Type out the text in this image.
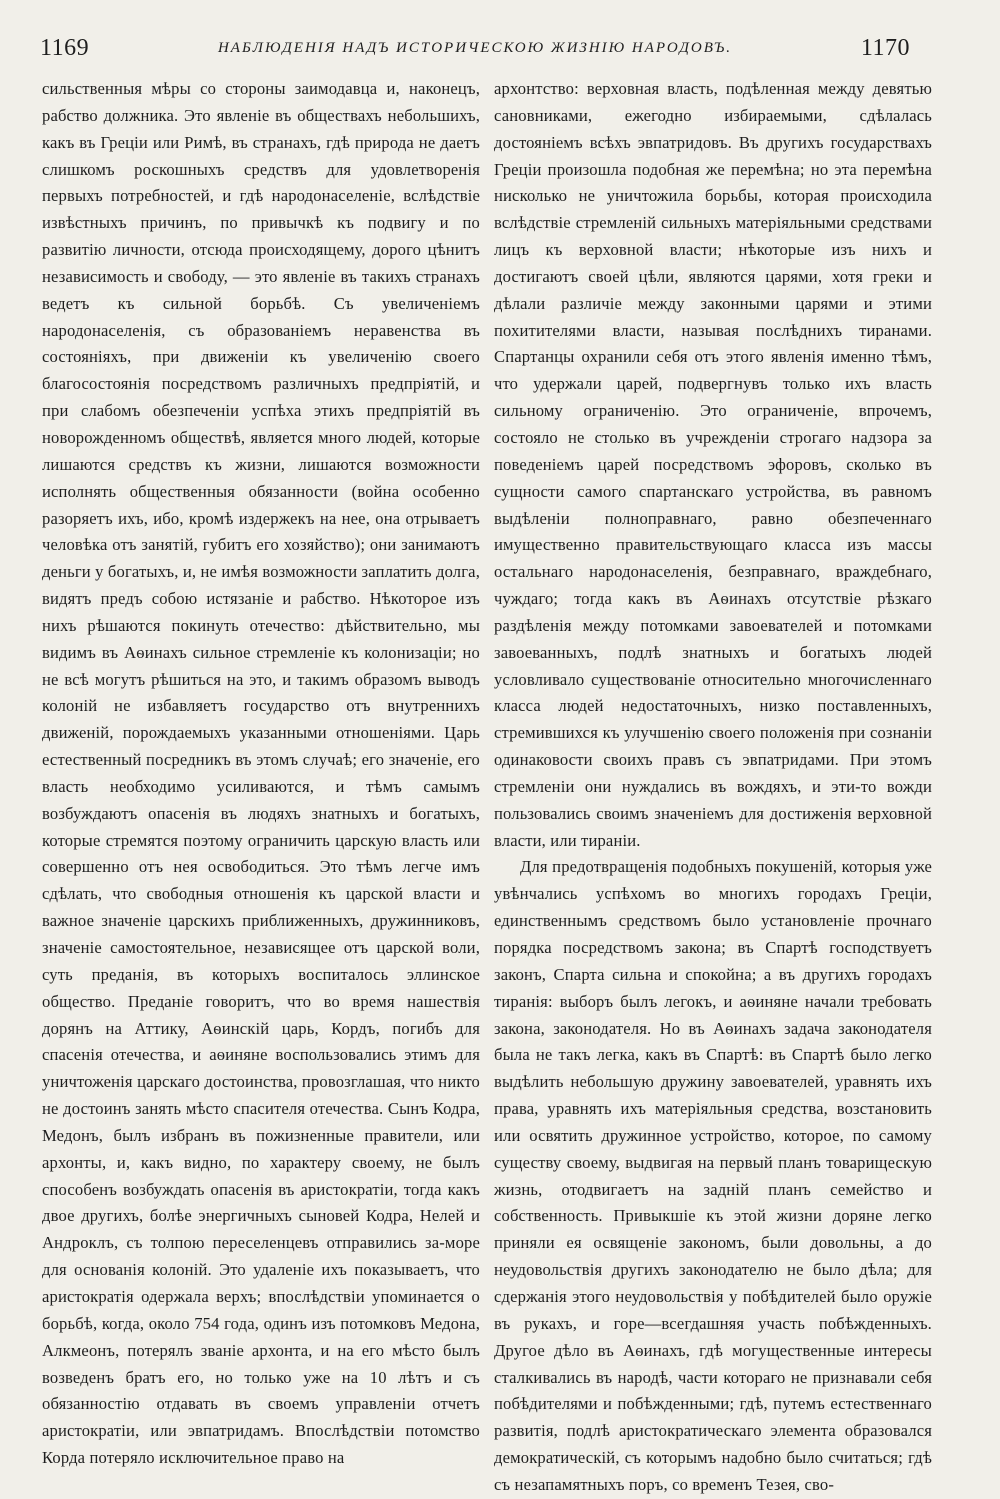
1169	НАБЛЮДЕНІЯ НАДЪ ИСТОРИЧЕСКОЮ ЖИЗНІЮ НАРОДОВЪ.	1170

сильственныя мѣры со стороны заимодавца и, наконецъ, рабство должника. Это явленіе въ обществахъ небольшихъ, какъ въ Греціи или Римѣ, въ странахъ, гдѣ природа не даетъ слишкомъ роскошныхъ средствъ для удовлетворенія первыхъ потребностей, и гдѣ народонаселеніе, вслѣдствіе извѣстныхъ причинъ, по привычкѣ къ подвигу и по развитію личности, отсюда происходящему, дорого цѣнитъ независимость и свободу, — это явленіе въ такихъ странахъ ведетъ къ сильной борьбѣ. Съ увеличеніемъ народонаселенія, съ образованіемъ неравенства въ состояніяхъ, при движеніи къ увеличенію своего благосостоянія посредствомъ различныхъ предпріятій, и при слабомъ обезпеченіи успѣха этихъ предпріятій въ новорожденномъ обществѣ, является много людей, которые лишаются средствъ къ жизни, лишаются возможности исполнять общественныя обязанности (война особенно разоряетъ ихъ, ибо, кромѣ издержекъ на нее, она отрываетъ человѣка отъ занятій, губитъ его хозяйство); они занимаютъ деньги у богатыхъ, и, не имѣя возможности заплатить долга, видятъ предъ собою истязаніе и рабство. Нѣкоторое изъ нихъ рѣшаются покинуть отечество: дѣйствительно, мы видимъ въ Аѳинахъ сильное стремленіе къ колонизаціи; но не всѣ могутъ рѣшиться на это, и такимъ образомъ выводъ колоній не избавляетъ государство отъ внутреннихъ движеній, порождаемыхъ указанными отношеніями. Царь естественный посредникъ въ этомъ случаѣ; его значеніе, его власть необходимо усиливаются, и тѣмъ самымъ возбуждаютъ опасенія въ людяхъ знатныхъ и богатыхъ, которые стремятся поэтому ограничить царскую власть или совершенно отъ нея освободиться. Это тѣмъ легче имъ сдѣлать, что свободныя отношенія къ царской власти и важное значеніе царскихъ приближенныхъ, дружинниковъ, значеніе самостоятельное, независящее отъ царской воли, суть преданія, въ которыхъ воспиталось эллинское общество. Преданіе говоритъ, что во время нашествія дорянъ на Аттику, Аѳинскій царь, Кордъ, погибъ для спасенія отечества, и аѳиняне воспользовались этимъ для уничтоженія царскаго достоинства, провозглашая, что никто не достоинъ занять мѣсто спасителя отечества. Сынъ Кодра, Медонъ, былъ избранъ въ пожизненные правители, или архонты, и, какъ видно, по характеру своему, не былъ способенъ возбуждать опасенія въ аристократіи, тогда какъ двое другихъ, болѣе энергичныхъ сыновей Кодра, Нелей и Андроклъ, съ толпою переселенцевъ отправились за-море для основанія колоній. Это удаленіе ихъ показываетъ, что аристократія одержала верхъ; впослѣдствіи упоминается о борьбѣ, когда, около 754 года, одинъ изъ потомковъ Медона, Алкмеонъ, потерялъ званіе архонта, и на его мѣсто былъ возведенъ братъ его, но только уже на 10 лѣтъ и съ обязанностію отдавать въ своемъ управленіи отчетъ аристократіи, или эвпатридамъ. Впослѣдствіи потомство Корда потеряло исключительное право на

архонтство: верховная власть, подѣленная между девятью сановниками, ежегодно избираемыми, сдѣлалась достояніемъ всѣхъ эвпатридовъ. Въ другихъ государствахъ Греціи произошла подобная же перемѣна; но эта перемѣна нисколько не уничтожила борьбы, которая происходила вслѣдствіе стремленій сильныхъ матеріяльными средствами лицъ къ верховной власти; нѣкоторые изъ нихъ и достигаютъ своей цѣли, являются царями, хотя греки и дѣлали различіе между законными царями и этими похитителями власти, называя послѣднихъ тиранами. Спартанцы охранили себя отъ этого явленія именно тѣмъ, что удержали царей, подвергнувъ только ихъ власть сильному ограниченію. Это ограниченіе, впрочемъ, состояло не столько въ учрежденіи строгаго надзора за поведеніемъ царей посредствомъ эфоровъ, сколько въ сущности самого спартанскаго устройства, въ равномъ выдѣленіи полноправнаго, равно обезпеченнаго имущественно правительствующаго класса изъ массы остальнаго народонаселенія, безправнаго, враждебнаго, чуждаго; тогда какъ въ Аѳинахъ отсутствіе рѣзкаго раздѣленія между потомками завоевателей и потомками завоеванныхъ, подлѣ знатныхъ и богатыхъ людей условливало существованіе относительно многочисленнаго класса людей недостаточныхъ, низко поставленныхъ, стремившихся къ улучшенію своего положенія при сознаніи одинаковости своихъ правъ съ эвпатридами. При этомъ стремленіи они нуждались въ вождяхъ, и эти-то вожди пользовались своимъ значеніемъ для достиженія верховной власти, или тираніи.

Для предотвращенія подобныхъ покушеній, которыя уже увѣнчались успѣхомъ во многихъ городахъ Греціи, единственнымъ средствомъ было установленіе прочнаго порядка посредствомъ закона; въ Спартѣ господствуетъ законъ, Спарта сильна и спокойна; а въ другихъ городахъ тиранія: выборъ былъ легокъ, и аѳиняне начали требовать закона, законодателя. Но въ Аѳинахъ задача законодателя была не такъ легка, какъ въ Спартѣ: въ Спартѣ было легко выдѣлить небольшую дружину завоевателей, уравнять ихъ права, уравнять ихъ матеріяльныя средства, возстановить или освятить дружинное устройство, которое, по самому существу своему, выдвигая на первый планъ товарищескую жизнь, отодвигаетъ на задній планъ семейство и собственность. Привыкшіе къ этой жизни доряне легко приняли ея освященіе закономъ, были довольны, а до неудовольствія другихъ законодателю не было дѣла; для сдержанія этого неудовольствія у побѣдителей было оружіе въ рукахъ, и горе—всегдашняя участь побѣжденныхъ. Другое дѣло въ Аѳинахъ, гдѣ могущественные интересы сталкивались въ народѣ, части котораго не признавали себя побѣдителями и побѣжденными; гдѣ, путемъ естественнаго развитія, подлѣ аристократическаго элемента образовался демократическій, съ которымъ надобно было считаться; гдѣ съ незапамятныхъ поръ, со временъ Тезея, сво-
